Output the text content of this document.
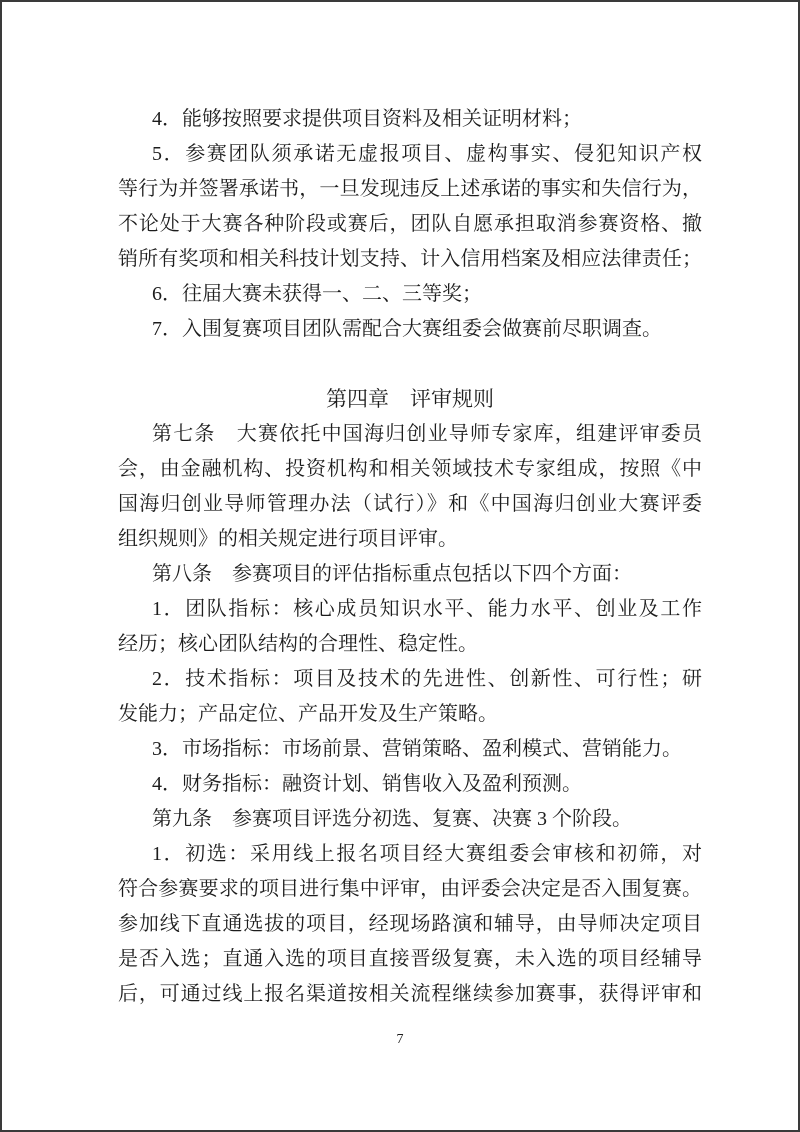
4．能够按照要求提供项目资料及相关证明材料；
5．参赛团队须承诺无虚报项目、虚构事实、侵犯知识产权
等行为并签署承诺书，一旦发现违反上述承诺的事实和失信行为，
不论处于大赛各种阶段或赛后，团队自愿承担取消参赛资格、撤
销所有奖项和相关科技计划支持、计入信用档案及相应法律责任；
6．往届大赛未获得一、二、三等奖；
7．入围复赛项目团队需配合大赛组委会做赛前尽职调查。

第四章　评审规则
第七条　大赛依托中国海归创业导师专家库，组建评审委员
会，由金融机构、投资机构和相关领域技术专家组成，按照《中
国海归创业导师管理办法（试行）》和《中国海归创业大赛评委
组织规则》的相关规定进行项目评审。
第八条　参赛项目的评估指标重点包括以下四个方面：
1．团队指标：核心成员知识水平、能力水平、创业及工作
经历；核心团队结构的合理性、稳定性。
2．技术指标：项目及技术的先进性、创新性、可行性；研
发能力；产品定位、产品开发及生产策略。
3．市场指标：市场前景、营销策略、盈利模式、营销能力。
4．财务指标：融资计划、销售收入及盈利预测。
第九条　参赛项目评选分初选、复赛、决赛 3 个阶段。
1．初选：采用线上报名项目经大赛组委会审核和初筛，对
符合参赛要求的项目进行集中评审，由评委会决定是否入围复赛。
参加线下直通选拔的项目，经现场路演和辅导，由导师决定项目
是否入选；直通入选的项目直接晋级复赛，未入选的项目经辅导
后，可通过线上报名渠道按相关流程继续参加赛事，获得评审和
7
